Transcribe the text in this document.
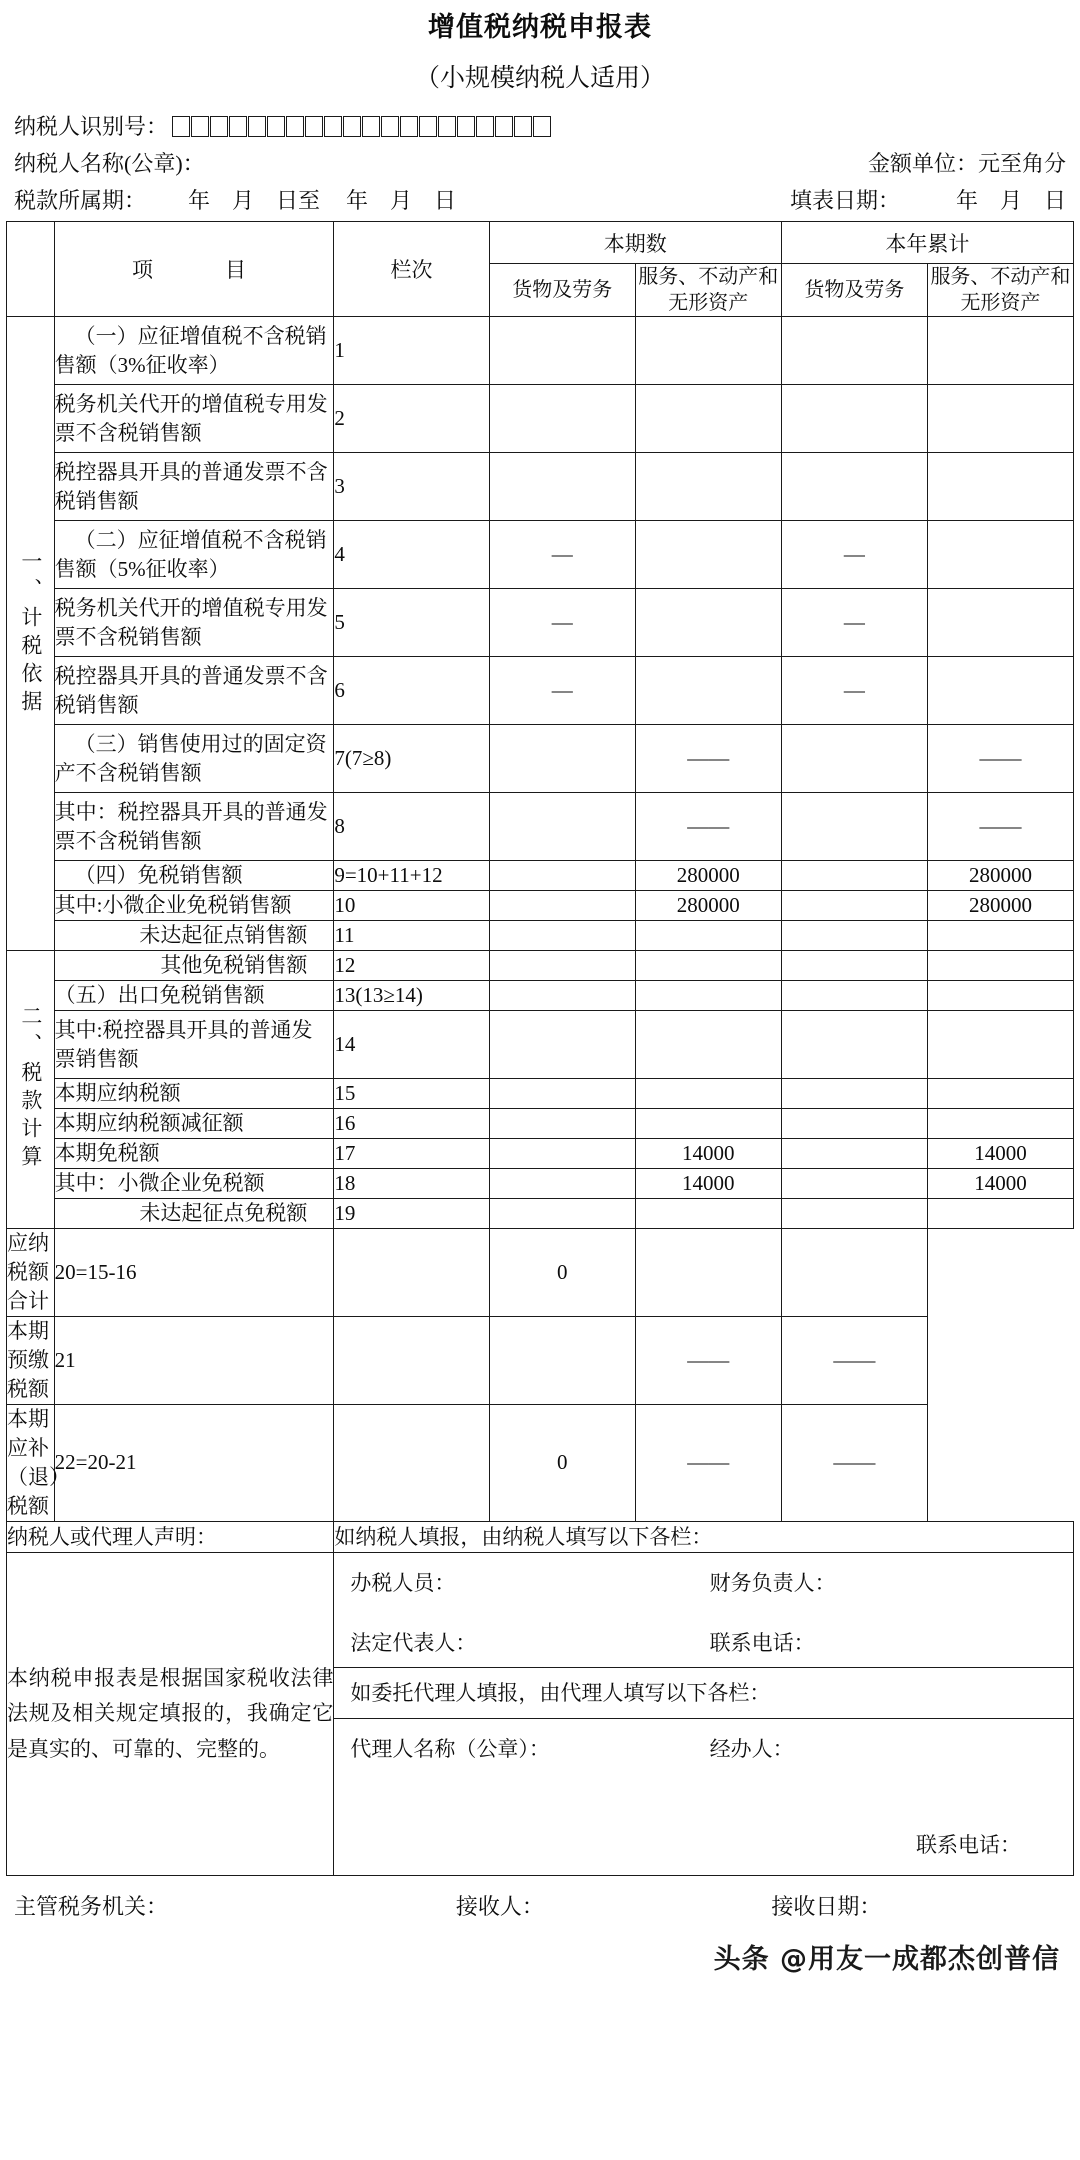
增值税纳税申报表
（小规模纳税人适用）
纳税人识别号：
纳税人名称(公章)：	金额单位：元至角分
税款所属期： 年　月　日至 年　月　日	填表日期：	年　月　日
	项　　目	栏次	本期数		本年累计	
			货物及劳务	服务、不动产和无形资产	货物及劳务	服务、不动产和无形资产

一、计税依据	（一）应征增值税不含税销售额（3%征收率）	1				
	税务机关代开的增值税专用发票不含税销售额	2				
	税控器具开具的普通发票不含税销售额	3				
	（二）应征增值税不含税销售额（5%征收率）	4	—		—	
	税务机关代开的增值税专用发票不含税销售额	5	—		—	
	税控器具开具的普通发票不含税销售额	6	—		—	
	（三）销售使用过的固定资产不含税销售额	7(7≥8)		——		——
	其中：税控器具开具的普通发票不含税销售额	8		——		——
	（四）免税销售额	9=10+11+12		280000		280000
	其中:小微企业免税销售额	10		280000		280000
	未达起征点销售额	11				

二、税款计算	其他免税销售额	12				
	（五）出口免税销售额	13(13≥14)				
	其中:税控器具开具的普通发票销售额	14				
	本期应纳税额	15				
	本期应纳税额减征额	16				
	本期免税额	17		14000		14000
	其中：小微企业免税额	18		14000		14000
	未达起征点免税额	19				
应纳税额合计	20=15-16		0			
本期预缴税额	21			——	——	
本期应补（退）税额	22=20-21		0	——	——	
纳税人或代理人声明：		如纳税人填报，由纳税人填写以下各栏：				
本纳税申报表是根据国家税收法律法规及相关规定填报的，我确定它是真实的、可靠的、完整的。	
办税人员：	财务负责人：
法定代表人：	联系电话：
如委托代理人填报，由代理人填写以下各栏：
代理人名称（公章）：	经办人：
联系电话：
主管税务机关：	接收人：	接收日期：
头条 @用友一成都杰创普信
